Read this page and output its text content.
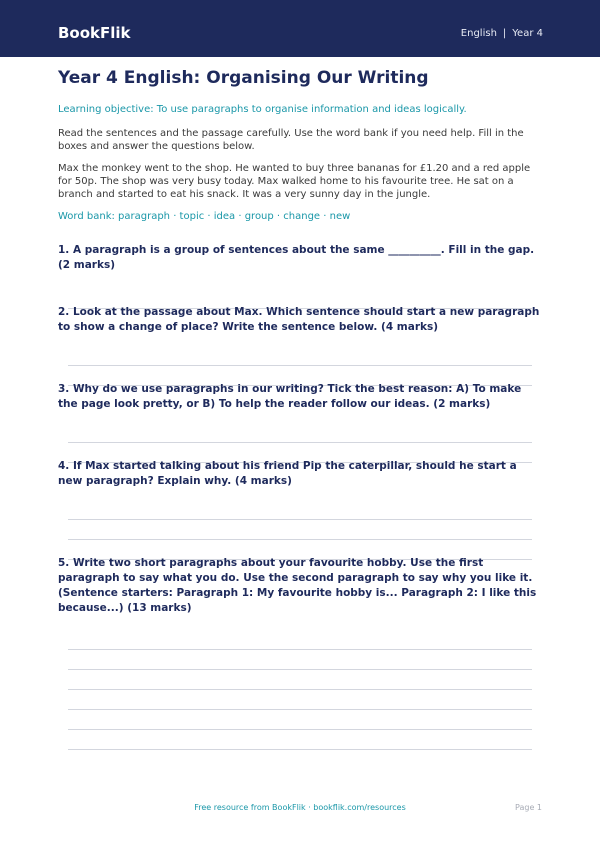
BookFlik	English | Year 4
Year 4 English: Organising Our Writing
Learning objective: To use paragraphs to organise information and ideas logically.
Read the sentences and the passage carefully. Use the word bank if you need help. Fill in the boxes and answer the questions below.
Max the monkey went to the shop. He wanted to buy three bananas for £1.20 and a red apple for 50p. The shop was very busy today. Max walked home to his favourite tree. He sat on a branch and started to eat his snack. It was a very sunny day in the jungle.
Word bank: paragraph · topic · idea · group · change · new
1. A paragraph is a group of sentences about the same __________. Fill in the gap. (2 marks)
2. Look at the passage about Max. Which sentence should start a new paragraph to show a change of place? Write the sentence below. (4 marks)
3. Why do we use paragraphs in our writing? Tick the best reason: A) To make the page look pretty, or B) To help the reader follow our ideas. (2 marks)
4. If Max started talking about his friend Pip the caterpillar, should he start a new paragraph? Explain why. (4 marks)
5. Write two short paragraphs about your favourite hobby. Use the first paragraph to say what you do. Use the second paragraph to say why you like it. (Sentence starters: Paragraph 1: My favourite hobby is... Paragraph 2: I like this because...) (13 marks)
Free resource from BookFlik · bookflik.com/resources	Page 1
